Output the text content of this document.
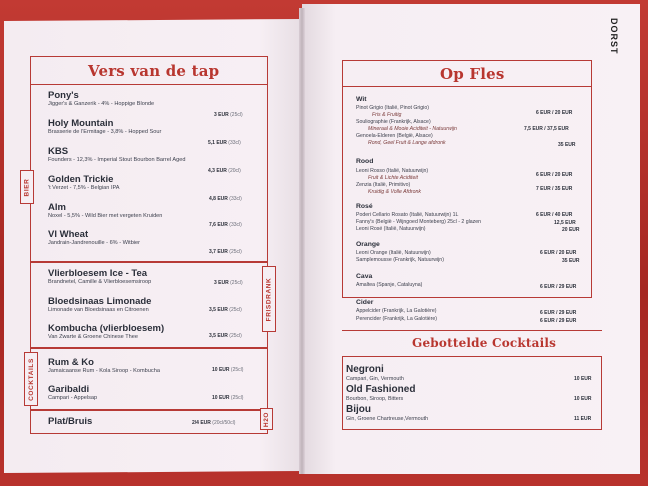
Vers van de tap
BIER
FRISDRANK
COCKTAILS
H2O
Pony's
Jigger's & Ganzerik - 4% - Hoppige Blonde
3 EUR (25cl)
Holy Mountain
Brasserie de l'Ermitage - 3,8% - Hopped Sour
5,1 EUR (33cl)
KBS
Founders - 12,3% - Imperial Stout Bourbon Barrel Aged
4,3 EUR (20cl)
Golden Trickie
't Verzet - 7,5% - Belgian IPA
4,8 EUR (33cl)
Alm
Noxel - 5,5% - Wild Bier met vergeten Kruiden
7,6 EUR (33cl)
Vl Wheat
Jandrain-Jandrenouille - 6% - Witbier
3,7 EUR (25cl)
Vlierbloesem Ice - Tea
Brandnetel, Camille & Vlierbloesemsiroop	3 EUR (25cl)
Bloedsinaas Limonade
Limonade van Bloedsinaas en Citroenen	3,5 EUR (25cl)
Kombucha (vlierbloesem)
Van Zwarte & Groene Chinese Thee	3,5 EUR (25cl)
Rum & Ko
Jamaicaanse Rum - Kola Siroop - Kombucha	10 EUR (25cl)
Garibaldi
Campari - Appelsap	10 EUR (25cl)
Plat/Bruis	2/4 EUR (20cl/50cl)
DORST
Op Fles
Wit
Pinot Grigio (Italië, Pinot Grigio)
6 EUR / 20 EUR
Fris & Fruitig
Souliographie (Frankrijk, Alsace)
Mineraal & Mooie Aciditeit - Natuurwijn	7,5 EUR / 37,5 EUR
Genoela-Elderen (België, Alsace)
Rond, Geel Fruit & Lange afdronk	35 EUR
Rood
Leoni Rosso (Italië, Natuurwijn)
6 EUR / 20 EUR
Fruit & Lichte Aciditeit
Zenzia (Italië, Primitivo)
7 EUR / 35 EUR
Kruidig & Volle Afdronk
Rosé
Poderi Cellario Rosato (Italië, Natuurwijn) 1L	6 EUR / 40 EUR
Fanny's (België - Wijngoed Monteberg) 25cl - 2 glazen	12,5 EUR
Leoni Rosé (Italië, Natuurwijn)	20 EUR
Orange
Leoni Orange (Italië, Natuurwijn)	6 EUR / 20 EUR
Samplemousse (Frankrijk, Natuurwijn)	35 EUR
Cava
Amaltea (Spanje, Cataluyna)	6 EUR / 29 EUR
Cider
Appelcider (Frankrijk, La Galotière)	6 EUR / 29 EUR
Perencider (Frankrijk, La Galotière)	6 EUR / 29 EUR
Gebottelde Cocktails
Negroni
Campari, Gin, Vermouth	10 EUR
Old Fashioned
Bourbon, Siroop, Bitters	10 EUR
Bijou
Gin, Groene Chartreuse,Vermouth	11 EUR
